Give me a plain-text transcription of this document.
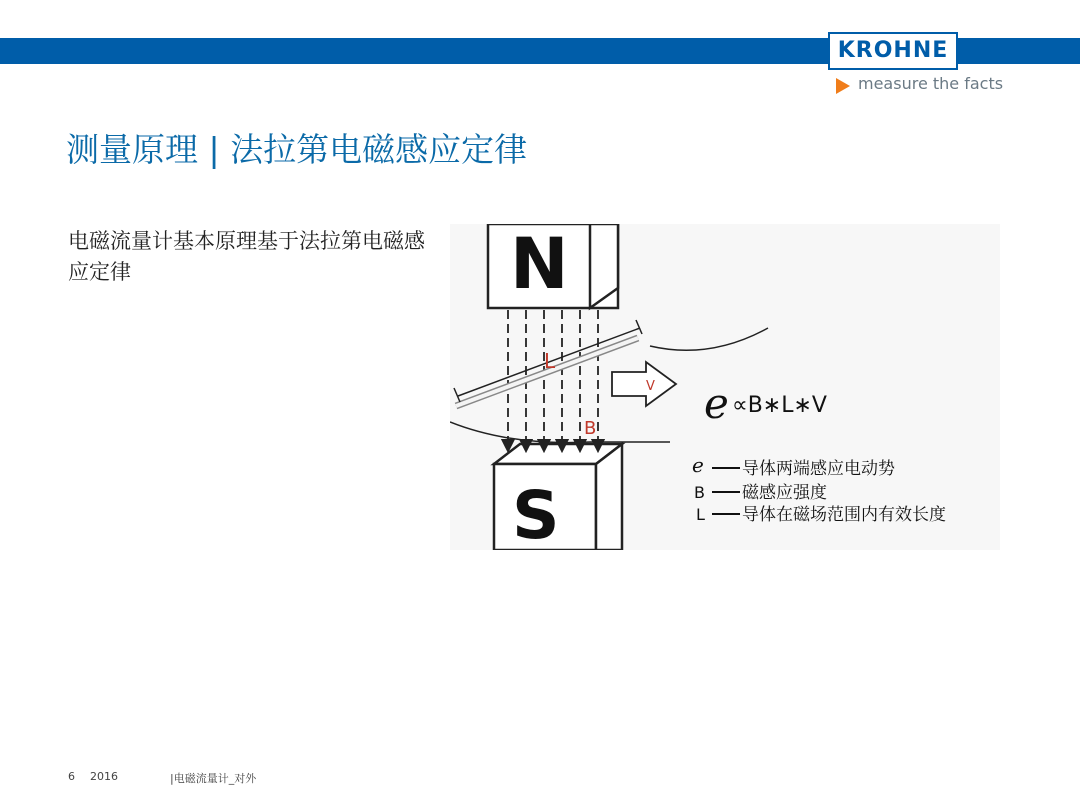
KROHNE
measure the facts
测量原理 | 法拉第电磁感应定律
电磁流量计基本原理基于法拉第电磁感应定律	N
S
V
L
B
e ∝B∗L∗V
e 导体两端感应电动势
B 磁感应强度
L 导体在磁场范围内有效长度
6 2016	|电磁流量计_对外
